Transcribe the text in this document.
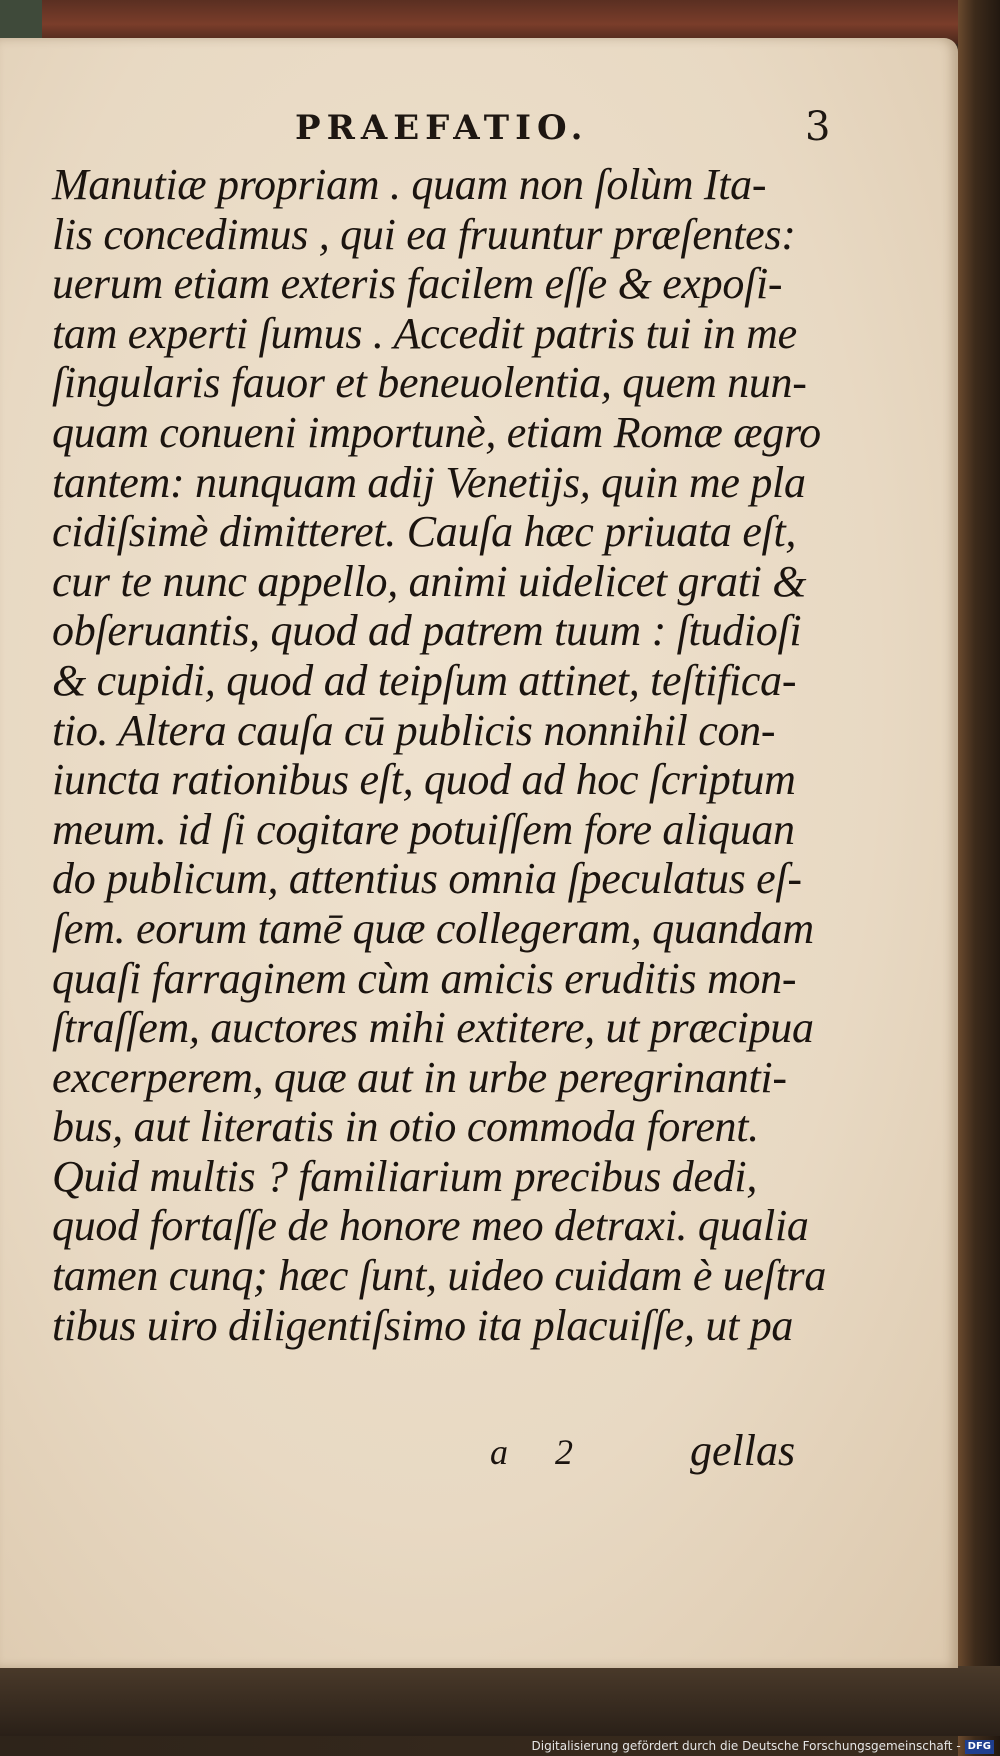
PRAEFATIO.	3
Manutiæ propriam . quam non ſolùm Ita-
lis concedimus , qui ea fruuntur præſentes:
uerum etiam exteris facilem eſſe & expoſi-
tam experti ſumus . Accedit patris tui in me
ſingularis fauor et beneuolentia, quem nun-
quam conueni importunè, etiam Romæ ægro
tantem: nunquam adij Venetijs, quin me pla
cidiſsimè dimitteret. Cauſa hæc priuata eſt,
cur te nunc appello, animi uidelicet grati &
obſeruantis, quod ad patrem tuum : ſtudioſi
& cupidi, quod ad teipſum attinet, teſtifica-
tio. Altera cauſa cū publicis nonnihil con-
iuncta rationibus eſt, quod ad hoc ſcriptum
meum. id ſi cogitare potuiſſem fore aliquan
do publicum, attentius omnia ſpeculatus eſ-
ſem. eorum tamē quæ collegeram, quandam
quaſi farraginem cùm amicis eruditis mon-
ſtraſſem, auctores mihi extitere, ut præcipua
excerperem, quæ aut in urbe peregrinanti-
bus, aut literatis in otio commoda forent.
Quid multis ? familiarium precibus dedi,
quod fortaſſe de honore meo detraxi. qualia
tamen cunq; hæc ſunt, uideo cuidam è ueſtra
tibus uiro diligentiſsimo ita placuiſſe, ut pa
a 2	gellas
Digitalisierung gefördert durch die Deutsche Forschungsgemeinschaft - DFG
